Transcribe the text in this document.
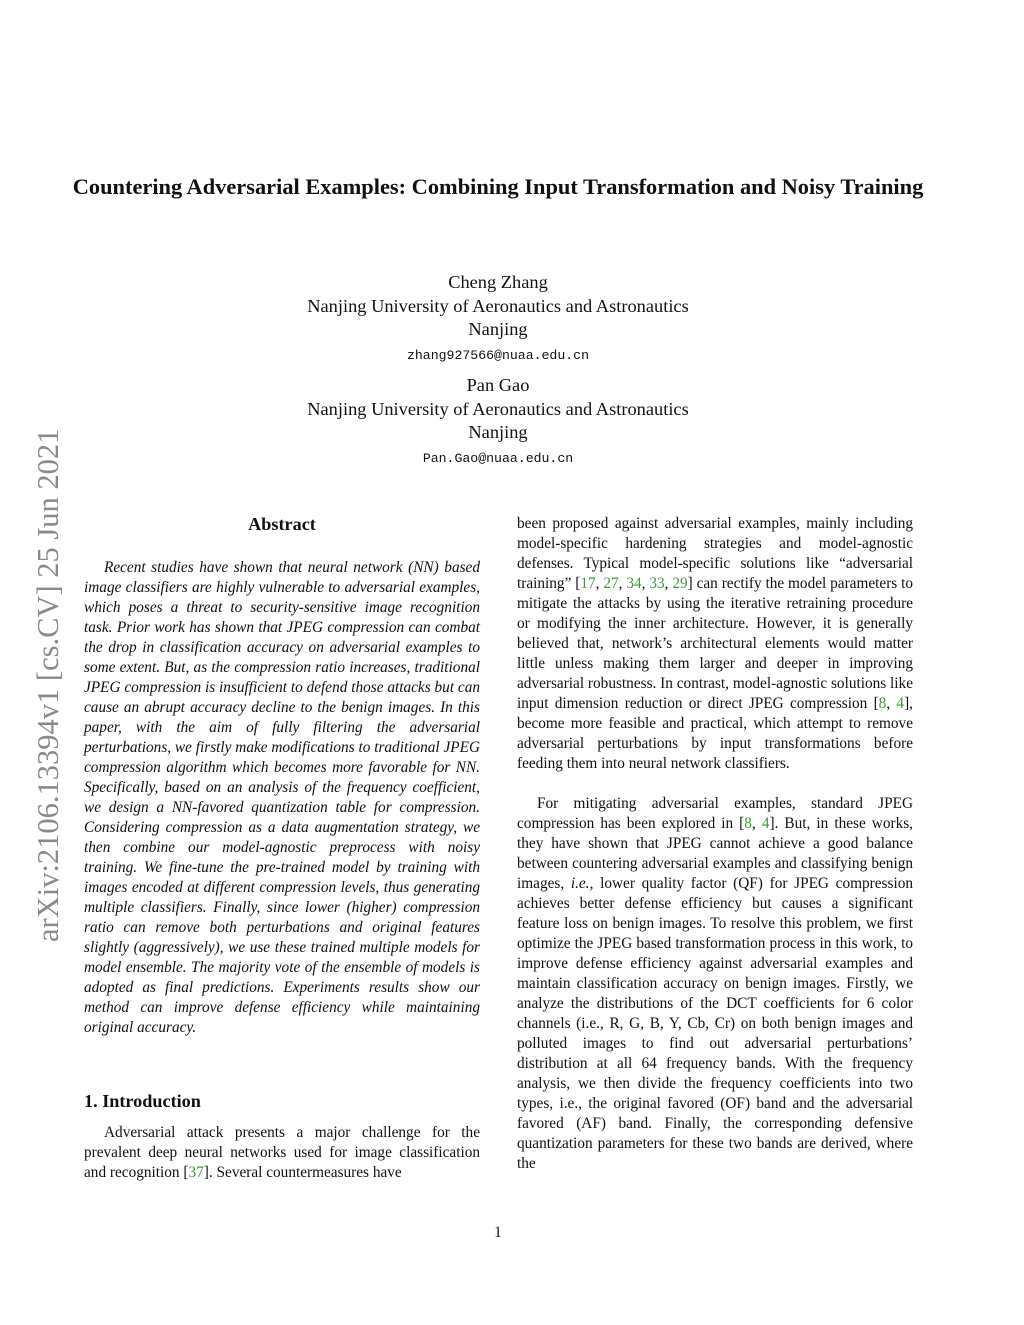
arXiv:2106.13394v1 [cs.CV] 25 Jun 2021
Countering Adversarial Examples: Combining Input Transformation and Noisy Training
Cheng Zhang
Nanjing University of Aeronautics and Astronautics
Nanjing
zhang927566@nuaa.edu.cn
Pan Gao
Nanjing University of Aeronautics and Astronautics
Nanjing
Pan.Gao@nuaa.edu.cn
Abstract

Recent studies have shown that neural network (NN) based image classifiers are highly vulnerable to adversarial examples, which poses a threat to security-sensitive image recognition task. Prior work has shown that JPEG compression can combat the drop in classification accuracy on adversarial examples to some extent. But, as the compression ratio increases, traditional JPEG compression is insufficient to defend those attacks but can cause an abrupt accuracy decline to the benign images. In this paper, with the aim of fully filtering the adversarial perturbations, we firstly make modifications to traditional JPEG compression algorithm which becomes more favorable for NN. Specifically, based on an analysis of the frequency coefficient, we design a NN-favored quantization table for compression. Considering compression as a data augmentation strategy, we then combine our model-agnostic preprocess with noisy training. We fine-tune the pre-trained model by training with images encoded at different compression levels, thus generating multiple classifiers. Finally, since lower (higher) compression ratio can remove both perturbations and original features slightly (aggressively), we use these trained multiple models for model ensemble. The majority vote of the ensemble of models is adopted as final predictions. Experiments results show our method can improve defense efficiency while maintaining original accuracy.

1. Introduction

Adversarial attack presents a major challenge for the prevalent deep neural networks used for image classification and recognition [37]. Several countermeasures have

been proposed against adversarial examples, mainly including model-specific hardening strategies and model-agnostic defenses. Typical model-specific solutions like “adversarial training” [17, 27, 34, 33, 29] can rectify the model parameters to mitigate the attacks by using the iterative retraining procedure or modifying the inner architecture. However, it is generally believed that, network’s architectural elements would matter little unless making them larger and deeper in improving adversarial robustness. In contrast, model-agnostic solutions like input dimension reduction or direct JPEG compression [8, 4], become more feasible and practical, which attempt to remove adversarial perturbations by input transformations before feeding them into neural network classifiers.

For mitigating adversarial examples, standard JPEG compression has been explored in [8, 4]. But, in these works, they have shown that JPEG cannot achieve a good balance between countering adversarial examples and classifying benign images, i.e., lower quality factor (QF) for JPEG compression achieves better defense efficiency but causes a significant feature loss on benign images. To resolve this problem, we first optimize the JPEG based transformation process in this work, to improve defense efficiency against adversarial examples and maintain classification accuracy on benign images. Firstly, we analyze the distributions of the DCT coefficients for 6 color channels (i.e., R, G, B, Y, Cb, Cr) on both benign images and polluted images to find out adversarial perturbations’ distribution at all 64 frequency bands. With the frequency analysis, we then divide the frequency coefficients into two types, i.e., the original favored (OF) band and the adversarial favored (AF) band. Finally, the corresponding defensive quantization parameters for these two bands are derived, where the

1
